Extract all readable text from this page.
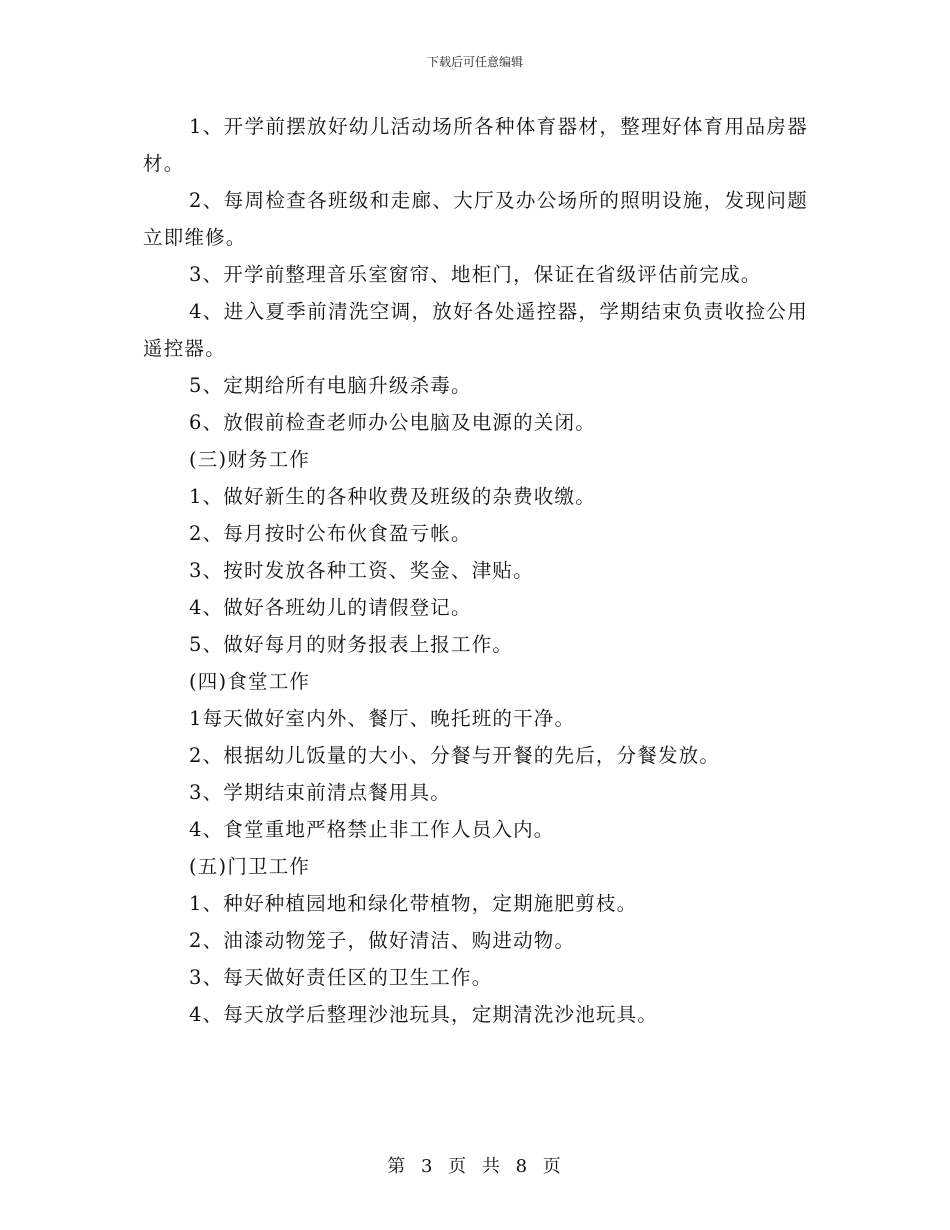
下载后可任意编辑

1、开学前摆放好幼儿活动场所各种体育器材，整理好体育用品房器材。

2、每周检查各班级和走廊、大厅及办公场所的照明设施，发现问题立即维修。

3、开学前整理音乐室窗帘、地柜门，保证在省级评估前完成。

4、进入夏季前清洗空调，放好各处遥控器，学期结束负责收捡公用遥控器。

5、定期给所有电脑升级杀毒。

6、放假前检查老师办公电脑及电源的关闭。

(三)财务工作

1、做好新生的各种收费及班级的杂费收缴。

2、每月按时公布伙食盈亏帐。

3、按时发放各种工资、奖金、津贴。

4、做好各班幼儿的请假登记。

5、做好每月的财务报表上报工作。

(四)食堂工作

1每天做好室内外、餐厅、晚托班的干净。

2、根据幼儿饭量的大小、分餐与开餐的先后，分餐发放。

3、学期结束前清点餐用具。

4、食堂重地严格禁止非工作人员入内。

(五)门卫工作

1、种好种植园地和绿化带植物，定期施肥剪枝。

2、油漆动物笼子，做好清洁、购进动物。

3、每天做好责任区的卫生工作。

4、每天放学后整理沙池玩具，定期清洗沙池玩具。

第 3 页 共 8 页
